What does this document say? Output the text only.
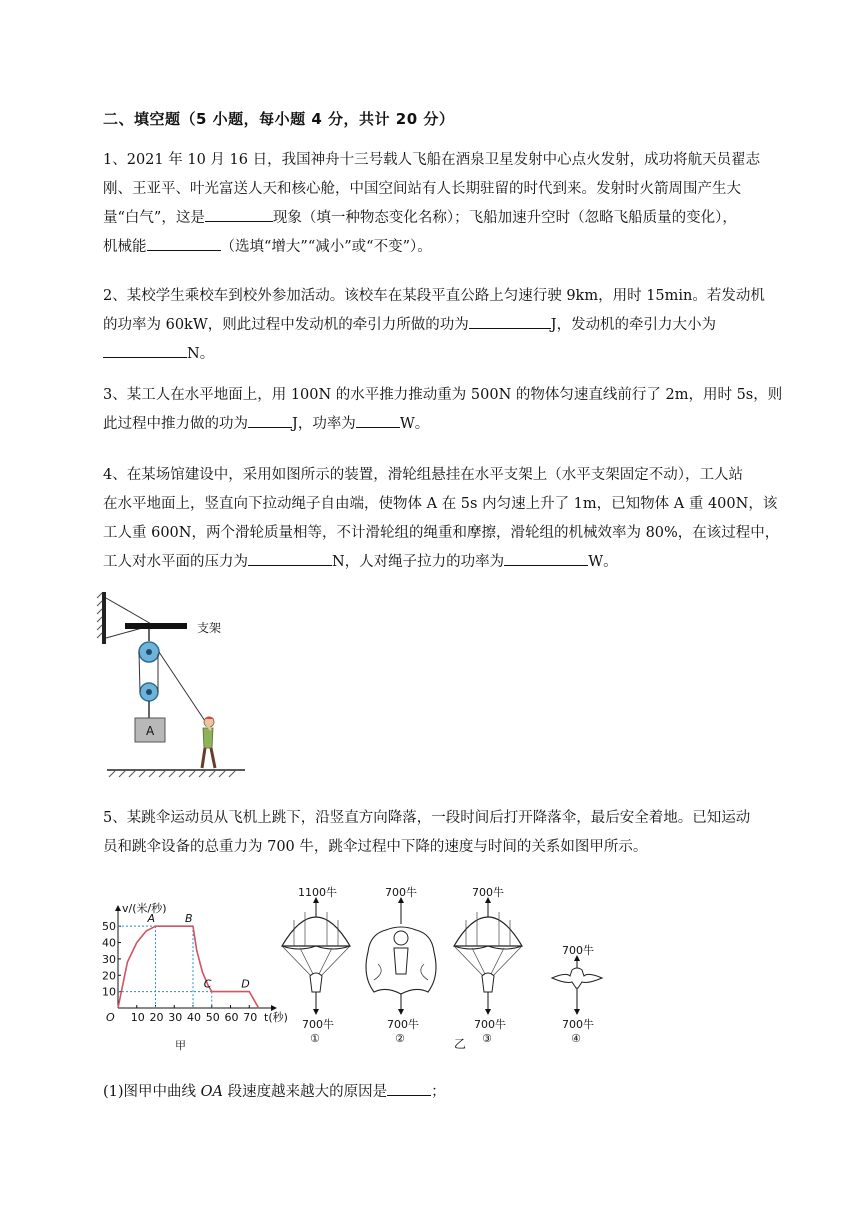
二、填空题（5 小题，每小题 4 分，共计 20 分）
1、2021 年 10 月 16 日，我国神舟十三号载人飞船在酒泉卫星发射中心点火发射，成功将航天员翟志
刚、王亚平、叶光富送人天和核心舱，中国空间站有人长期驻留的时代到来。发射时火箭周围产生大
量“白气”，这是	现象（填一种物态变化名称）；飞船加速升空时（忽略飞船质量的变化），
机械能	（选填“增大”“减小”或“不变”）。
2、某校学生乘校车到校外参加活动。该校车在某段平直公路上匀速行驶 9km，用时 15min。若发动机
的功率为 60kW，则此过程中发动机的牵引力所做的功为	J，发动机的牵引力大小为
N。
3、某工人在水平地面上，用 100N 的水平推力推动重为 500N 的物体匀速直线前行了 2m，用时 5s，则
此过程中推力做的功为	J，功率为	W。
4、在某场馆建设中，采用如图所示的装置，滑轮组悬挂在水平支架上（水平支架固定不动），工人站
在水平地面上，竖直向下拉动绳子自由端，使物体 A 在 5s 内匀速上升了 1m，已知物体 A 重 400N，该
工人重 600N，两个滑轮质量相等，不计滑轮组的绳重和摩擦，滑轮组的机械效率为 80%，在该过程中，
工人对水平面的压力为	N，人对绳子拉力的功率为	W。
支架
A
5、某跳伞运动员从飞机上跳下，沿竖直方向降落，一段时间后打开降落伞，最后安全着地。已知运动
员和跳伞设备的总重力为 700 牛，跳伞过程中下降的速度与时间的关系如图甲所示。
10 20 30 40 50 60 70
10
20
30
40
50
A	B
C	D
v/(米/秒)
t(秒)
O
甲
1100牛
700牛
①
700牛
700牛
②
700牛
700牛
③
700牛
700牛
④
乙
(1)图甲中曲线 OA 段速度越来越大的原因是	；
